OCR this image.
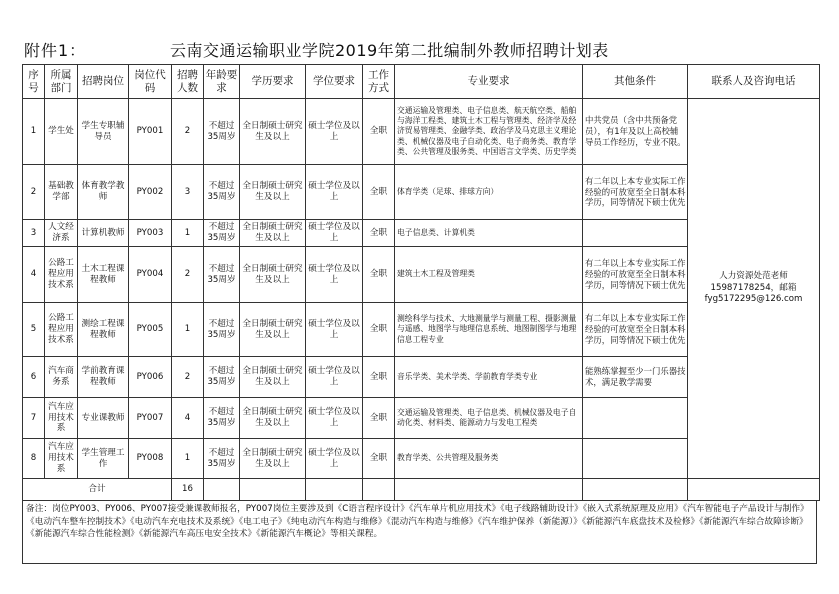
附件1：	云南交通运输职业学院2019年第二批编制外教师招聘计划表
序号	所属部门	招聘岗位	岗位代码	招聘人数	年龄要求	学历要求	学位要求	工作方式	专业要求	其他条件	联系人及咨询电话
1	学生处	学生专职辅导员	PY001	2	不超过35周岁	全日制硕士研究生及以上	硕士学位及以上	全职	交通运输及管理类、电子信息类、航天航空类、船舶与海洋工程类、建筑土木工程与管理类、经济学及经济贸易管理类、金融学类、政治学及马克思主义理论类、机械仪器及电子自动化类、电子商务类、教育学类、公共管理及服务类、中国语言文学类、历史学类	中共党员（含中共预备党员），有1年及以上高校辅导员工作经历，专业不限。	人力资源处范老师15987178254，邮箱fyg5172295@126.com
2	基础教学部	体育教学教师	PY002	3	不超过35周岁	全日制硕士研究生及以上	硕士学位及以上	全职	体育学类（足球、排球方向）	有二年以上本专业实际工作经验的可放宽至全日制本科学历，同等情况下硕士优先	
3	人文经济系	计算机教师	PY003	1	不超过35周岁	全日制硕士研究生及以上	硕士学位及以上	全职	电子信息类、计算机类		
4	公路工程应用技术系	土木工程课程教师	PY004	2	不超过35周岁	全日制硕士研究生及以上	硕士学位及以上	全职	建筑土木工程及管理类	有二年以上本专业实际工作经验的可放宽至全日制本科学历，同等情况下硕士优先	
5	公路工程应用技术系	测绘工程课程教师	PY005	1	不超过35周岁	全日制硕士研究生及以上	硕士学位及以上	全职	测绘科学与技术、大地测量学与测量工程、摄影测量与遥感、地图学与地理信息系统、地图制图学与地理信息工程专业	有二年以上本专业实际工作经验的可放宽至全日制本科学历，同等情况下硕士优先	
6	汽车商务系	学前教育课程教师	PY006	2	不超过35周岁	全日制硕士研究生及以上	硕士学位及以上	全职	音乐学类、美术学类、学前教育学类专业	能熟练掌握至少一门乐器技术，满足教学需要	
7	汽车应用技术系	专业课教师	PY007	4	不超过35周岁	全日制硕士研究生及以上	硕士学位及以上	全职	交通运输及管理类、电子信息类、机械仪器及电子自动化类、材料类、能源动力与发电工程类		
8	汽车应用技术系	学生管理工作	PY008	1	不超过35周岁	全日制硕士研究生及以上	硕士学位及以上	全职	教育学类、公共管理及服务类		
合计				16							
备注：岗位PY003、PY006、PY007接受兼课教师报名，PY007岗位主要涉及到《C语言程序设计》《汽车单片机应用技术》《电子线路辅助设计》《嵌入式系统原理及应用》《汽车智能电子产品设计与制作》《电动汽车整车控制技术》《电动汽车充电技术及系统》《电工电子》《纯电动汽车构造与维修》《混动汽车构造与维修》《汽车维护保养（新能源）》《新能源汽车底盘技术及检修》《新能源汽车综合故障诊断》《新能源汽车综合性能检测》《新能源汽车高压电安全技术》《新能源汽车概论》等相关课程。
